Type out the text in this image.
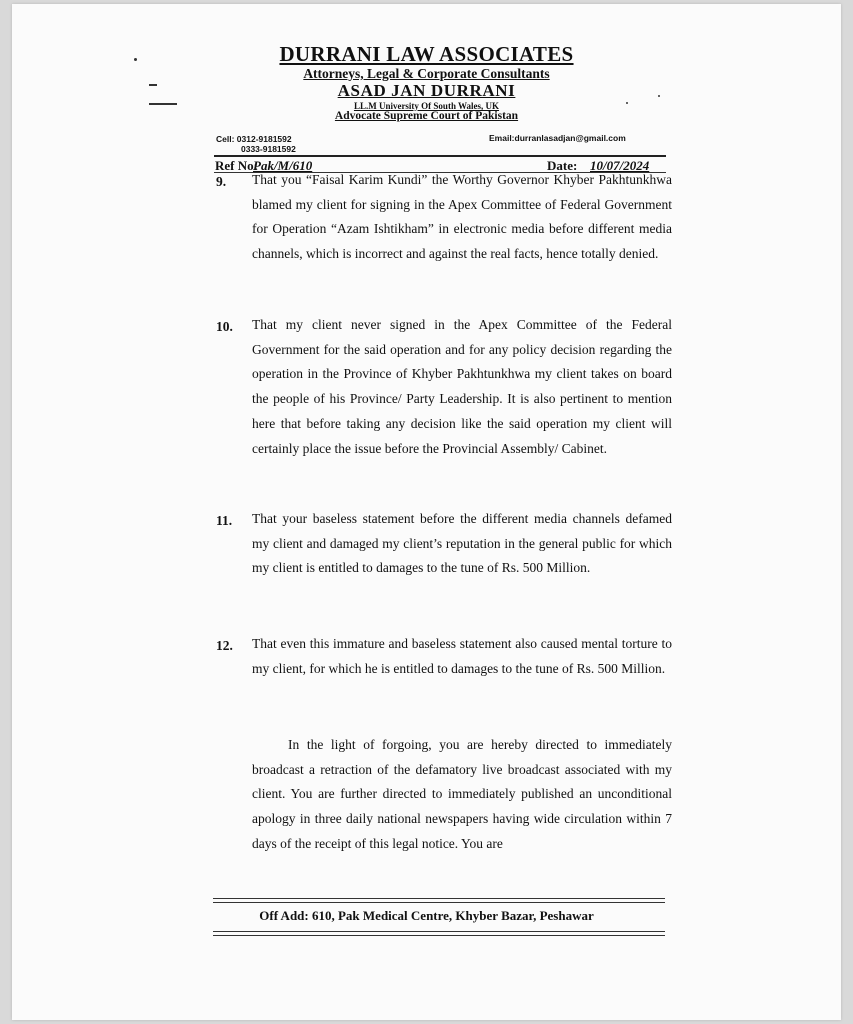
DURRANI LAW ASSOCIATES
Attorneys, Legal & Corporate Consultants
ASAD JAN DURRANI
LL.M University Of South Wales, UK
Advocate Supreme Court of Pakistan
Cell: 0312-9181592
0333-9181592
Email:durranlasadjan@gmail.com
Ref No:
Pak/M/610	Date: 10/07/2024
9. That you “Faisal Karim Kundi” the Worthy Governor Khyber Pakhtunkhwa blamed my client for signing in the Apex Committee of Federal Government for Operation “Azam Ishtikham” in electronic media before different media channels, which is incorrect and against the real facts, hence totally denied.
10. That my client never signed in the Apex Committee of the Federal Government for the said operation and for any policy decision regarding the operation in the Province of Khyber Pakhtunkhwa my client takes on board the people of his Province/ Party Leadership. It is also pertinent to mention here that before taking any decision like the said operation my client will certainly place the issue before the Provincial Assembly/ Cabinet.
11. That your baseless statement before the different media channels defamed my client and damaged my client’s reputation in the general public for which my client is entitled to damages to the tune of Rs. 500 Million.
12. That even this immature and baseless statement also caused mental torture to my client, for which he is entitled to damages to the tune of Rs. 500 Million.
In the light of forgoing, you are hereby directed to immediately broadcast a retraction of the defamatory live broadcast associated with my client. You are further directed to immediately published an unconditional apology in three daily national newspapers having wide circulation within 7 days of the receipt of this legal notice. You are
Off Add: 610, Pak Medical Centre, Khyber Bazar, Peshawar
